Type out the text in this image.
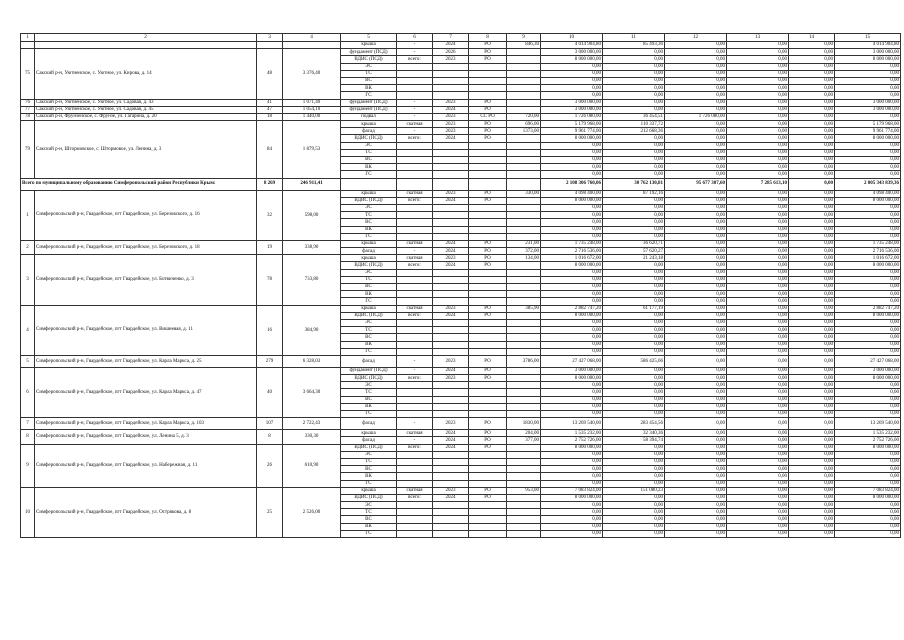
1	2	3	4	5	6	7	8	9	10	11	12	13	14	15
				крыша	-	2024	РО	846,30	4 014 904,80	85 493,36	0,00	0,00	0,00	4 014 904,80
75	Сакский р-н, Уютненское, с. Уютное, ул. Кирова, д. 14	48	3 376,40	фундамент (ПСД)	-	2026	РО		3 000 000,00	0,00	0,00	0,00	0,00	3 000 000,00
				ВДИС (ПСД)	всего:	2023	РО		8 000 000,00	0,00	0,00	0,00	0,00	8 000 000,00
				ЭС					0,00	0,00	0,00	0,00	0,00	0,00
				ТС					0,00	0,00	0,00	0,00	0,00	0,00
				ВС					0,00	0,00	0,00	0,00	0,00	0,00
				ВК					0,00	0,00	0,00	0,00	0,00	0,00
				ГС					0,00	0,00	0,00	0,00	0,00	0,00
76	Сакский р-н, Уютненское, с. Уютное, ул. Садовая, д. 43	41	1 071,40	фундамент (ПСД)	-	2023	РО		3 000 000,00	0,00	0,00	0,00	0,00	3 000 000,00
77	Сакский р-н, Уютненское, с. Уютное, ул. Садовая, д. 45	47	1 054,10	фундамент (ПСД)	-	2024	РО		3 000 000,00	0,00	0,00	0,00	0,00	3 000 000,00
78	Сакский р-н, Фрунзенское, с. Фрунзе, ул. Гагарина, д. 20	18	1 440,00	подвал	-	2023	СС РО	720,00	1 726 080,00	36 454,51	1 726 080,00	0,00	0,00	0,00
79	Сакский р-н, Штормовское, с. Штормовое, ул. Ленина, д. 3	84	1 879,53	крыша	скатная	2023	РО	696,00	5 179 968,00	110 337,72	0,00	0,00	0,00	5 179 968,00
				фасад	-	2023	РО	1373,00	9 961 774,00	212 668,36	0,00	0,00	0,00	9 961 774,00
				ВДИС (ПСД)	всего:	2024	РО		8 000 000,00	0,00	0,00	0,00	0,00	8 000 000,00
				ЭС					0,00	0,00	0,00	0,00	0,00	0,00
				ТС					0,00	0,00	0,00	0,00	0,00	0,00
				ВС					0,00	0,00	0,00	0,00	0,00	0,00
				ВК					0,00	0,00	0,00	0,00	0,00	0,00
				ГС					0,00	0,00	0,00	0,00	0,00	0,00
Всего по муниципальному образованию Симферопольский район Республики Крым:		8 269	246 911,41						2 108 306 760,06	30 762 130,81	95 677 307,60	7 285 613,10	0,00	2 005 343 839,36
1	Симферопольский р-н, Гвардейское, пгт Гвардейское, ул. Березовского, д. 16	32	598,00	крыша	скатная	2023	РО	330,00	4 098 400,00	87 192,16	0,00	0,00	0,00	4 098 400,00
				ВДИС (ПСД)	всего:	2024	РО		8 000 000,00	0,00	0,00	0,00	0,00	8 000 000,00
				ЭС					0,00	0,00	0,00	0,00	0,00	0,00
				ТС					0,00	0,00	0,00	0,00	0,00	0,00
				ВС					0,00	0,00	0,00	0,00	0,00	0,00
				ВК					0,00	0,00	0,00	0,00	0,00	0,00
				ГС					0,00	0,00	0,00	0,00	0,00	0,00
2	Симферопольский р-н, Гвардейское, пгт Гвардейское, ул. Березовского, д. 18	19	338,90	крыша	скатная	2024	РО	231,00	1 735 248,00	36 620,71	0,00	0,00	0,00	1 735 248,00
				фасад	-	2024	РО	372,00	2 716 536,00	57 620,27	0,00	0,00	0,00	2 716 536,00
3	Симферопольский р-н, Гвардейское, пгт Гвардейское, ул. Ботвиченко, д. 3	78	733,80	крыша	скатная	2023	РО	134,00	1 016 672,00	21 243,18	0,00	0,00	0,00	1 016 672,00
				ВДИС (ПСД)	всего:	2024	РО		8 000 000,00	0,00	0,00	0,00	0,00	8 000 000,00
				ЭС					0,00	0,00	0,00	0,00	0,00	0,00
				ТС					0,00	0,00	0,00	0,00	0,00	0,00
				ВС					0,00	0,00	0,00	0,00	0,00	0,00
				ВК					0,00	0,00	0,00	0,00	0,00	0,00
				ГС					0,00	0,00	0,00	0,00	0,00	0,00
4	Симферопольский р-н, Гвардейское, пгт Гвардейское, ул. Вишневая, д. 11	16	384,90	крыша	скатная	2023	РО	385,90	2 882 747,20	61 177,19	0,00	0,00	0,00	2 882 747,20
				ВДИС (ПСД)	всего:	2024	РО		8 000 000,00	0,00	0,00	0,00	0,00	8 000 000,00
				ЭС					0,00	0,00	0,00	0,00	0,00	0,00
				ТС					0,00	0,00	0,00	0,00	0,00	0,00
				ВС					0,00	0,00	0,00	0,00	0,00	0,00
				ВК					0,00	0,00	0,00	0,00	0,00	0,00
				ГС					0,00	0,00	0,00	0,00	0,00	0,00
5	Симферопольский р-н, Гвардейское, пгт Гвардейское, ул. Карла Маркса, д. 25	279	6 328,03	фасад	-	2023	РО	3786,00	27 427 068,00	586 425,66	0,00	0,00	0,00	27 427 068,00
6	Симферопольский р-н, Гвардейское, пгт Гвардейское, ул. Карла Маркса, д. 47	40	3 664,30	фундамент (ПСД)	-	2024	РО		3 000 000,00	0,00	0,00	0,00	0,00	3 000 000,00
				ВДИС (ПСД)	всего:	2023	РО		8 000 000,00	0,00	0,00	0,00	0,00	8 000 000,00
				ЭС					0,00	0,00	0,00	0,00	0,00	0,00
				ТС					0,00	0,00	0,00	0,00	0,00	0,00
				ВС					0,00	0,00	0,00	0,00	0,00	0,00
				ВК					0,00	0,00	0,00	0,00	0,00	0,00
				ГС					0,00	0,00	0,00	0,00	0,00	0,00
7	Симферопольский р-н, Гвардейское, пгт Гвардейское, ул. Карла Маркса, д. 103	107	2 722,43	фасад	-	2023	РО	1830,00	13 269 540,00	283 454,56	0,00	0,00	0,00	13 269 540,00
8	Симферопольский р-н, Гвардейское, пгт Гвардейское, ул. Ленина 5, д. 3	8	330,30	крыша	скатная	2024	РО	204,00	1 535 232,00	32 340,36	0,00	0,00	0,00	1 535 232,00
				фасад	-	2024	РО	377,00	2 752 726,00	58 394,74	0,00	0,00	0,00	2 752 726,00
9	Симферопольский р-н, Гвардейское, пгт Гвардейское, ул. Набережная, д. 11	26	610,90	ВДИС (ПСД)	всего:	2024	РО		8 000 000,00	0,00	0,00	0,00	0,00	8 000 000,00
				ЭС					0,00	0,00	0,00	0,00	0,00	0,00
				ТС					0,00	0,00	0,00	0,00	0,00	0,00
				ВС					0,00	0,00	0,00	0,00	0,00	0,00
				ВК					0,00	0,00	0,00	0,00	0,00	0,00
				ГС					0,00	0,00	0,00	0,00	0,00	0,00
10	Симферопольский р-н, Гвардейское, пгт Гвардейское, ул. Острякова, д. 8	25	2 526,00	крыша	скатная	2023	РО	953,00	7 083 824,00	151 080,23	0,00	0,00	0,00	7 083 824,00
				ВДИС (ПСД)	всего:	2024	РО		8 000 000,00	0,00	0,00	0,00	0,00	8 000 000,00
				ЭС					0,00	0,00	0,00	0,00	0,00	0,00
				ТС					0,00	0,00	0,00	0,00	0,00	0,00
				ВС					0,00	0,00	0,00	0,00	0,00	0,00
				ВК					0,00	0,00	0,00	0,00	0,00	0,00
				ГС					0,00	0,00	0,00	0,00	0,00	0,00
